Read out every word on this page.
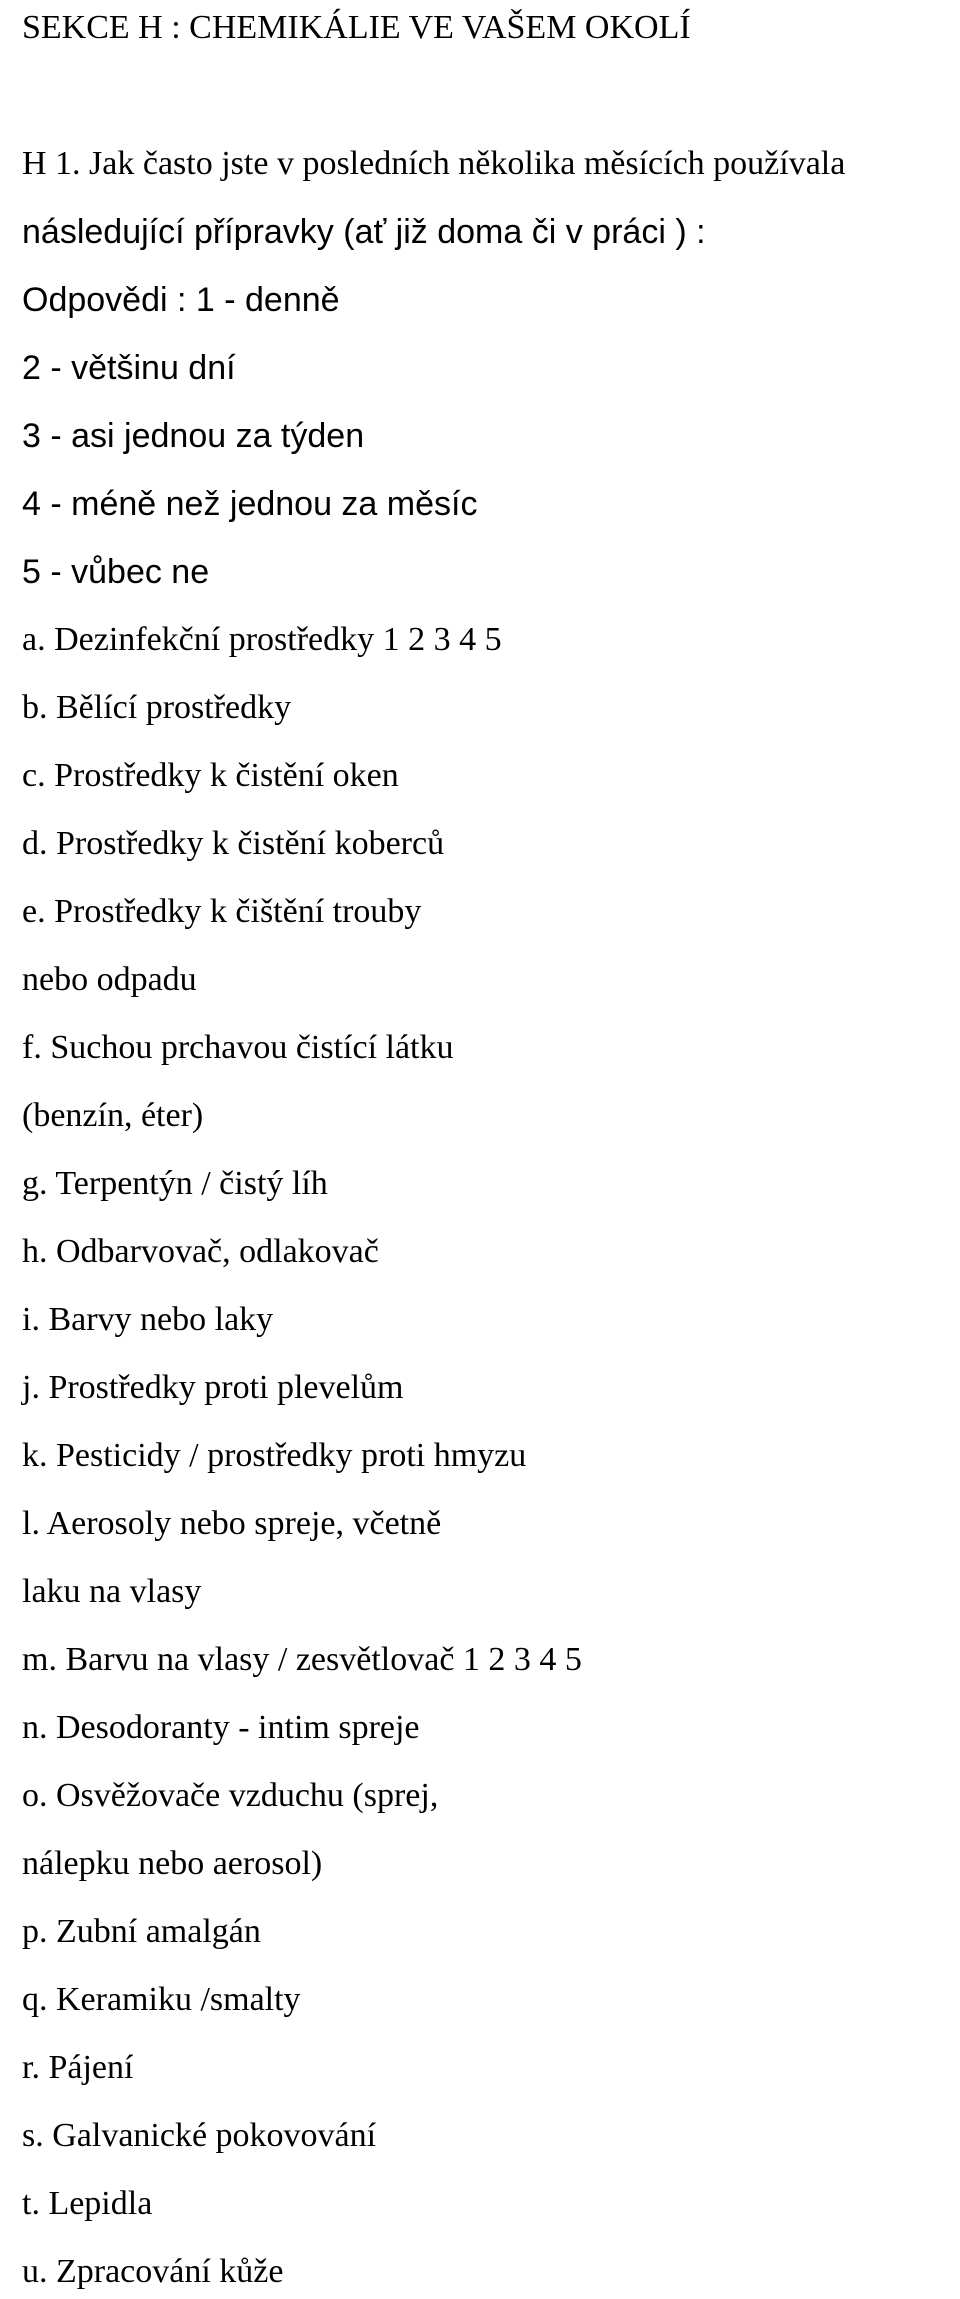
SEKCE H : CHEMIKÁLIE VE VAŠEM OKOLÍ

H 1. Jak často jste v posledních několika měsících používala

následující přípravky (ať již doma či v práci ) :

Odpovědi : 1 - denně

2 - většinu dní

3 - asi jednou za týden

4 - méně než jednou za měsíc

5 - vůbec ne

a. Dezinfekční prostředky 1 2 3 4 5

b. Bělící prostředky

c. Prostředky k čistění oken

d. Prostředky k čistění koberců

e. Prostředky k čištění trouby

nebo odpadu

f. Suchou prchavou čistící látku

(benzín, éter)

g. Terpentýn / čistý líh

h. Odbarvovač, odlakovač

i. Barvy nebo laky

j. Prostředky proti plevelům

k. Pesticidy / prostředky proti hmyzu

l. Aerosoly nebo spreje, včetně

laku na vlasy

m. Barvu na vlasy / zesvětlovač 1 2 3 4 5

n. Desodoranty - intim spreje

o. Osvěžovače vzduchu (sprej,

nálepku nebo aerosol)

p. Zubní amalgán

q. Keramiku /smalty

r. Pájení

s. Galvanické pokovování

t. Lepidla

u. Zpracování kůže
